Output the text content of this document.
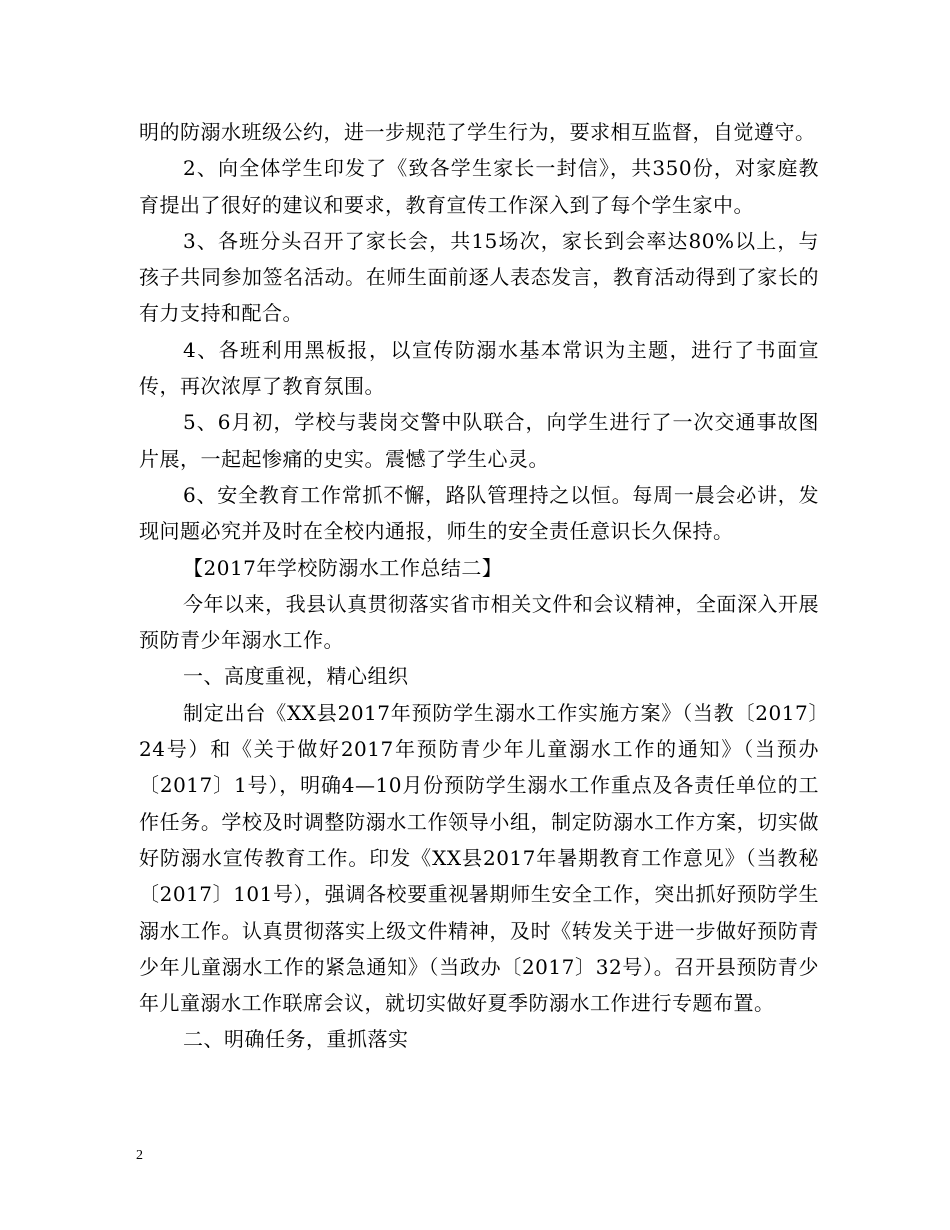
明的防溺水班级公约，进一步规范了学生行为，要求相互监督，自觉遵守。

2、向全体学生印发了《致各学生家长一封信》，共350份，对家庭教育提出了很好的建议和要求，教育宣传工作深入到了每个学生家中。

3、各班分头召开了家长会，共15场次，家长到会率达80%以上，与孩子共同参加签名活动。在师生面前逐人表态发言，教育活动得到了家长的有力支持和配合。

4、各班利用黑板报，以宣传防溺水基本常识为主题，进行了书面宣传，再次浓厚了教育氛围。

5、6月初，学校与裴岗交警中队联合，向学生进行了一次交通事故图片展，一起起惨痛的史实。震憾了学生心灵。

6、安全教育工作常抓不懈，路队管理持之以恒。每周一晨会必讲，发现问题必究并及时在全校内通报，师生的安全责任意识长久保持。

【2017年学校防溺水工作总结二】

今年以来，我县认真贯彻落实省市相关文件和会议精神，全面深入开展预防青少年溺水工作。

一、高度重视，精心组织

制定出台《XX县2017年预防学生溺水工作实施方案》（当教〔2017〕24号）和《关于做好2017年预防青少年儿童溺水工作的通知》（当预办〔2017〕1号），明确4—10月份预防学生溺水工作重点及各责任单位的工作任务。学校及时调整防溺水工作领导小组，制定防溺水工作方案，切实做好防溺水宣传教育工作。印发《XX县2017年暑期教育工作意见》（当教秘〔2017〕101号），强调各校要重视暑期师生安全工作，突出抓好预防学生溺水工作。认真贯彻落实上级文件精神，及时《转发关于进一步做好预防青少年儿童溺水工作的紧急通知》（当政办〔2017〕32号）。召开县预防青少年儿童溺水工作联席会议，就切实做好夏季防溺水工作进行专题布置。

二、明确任务，重抓落实

2
